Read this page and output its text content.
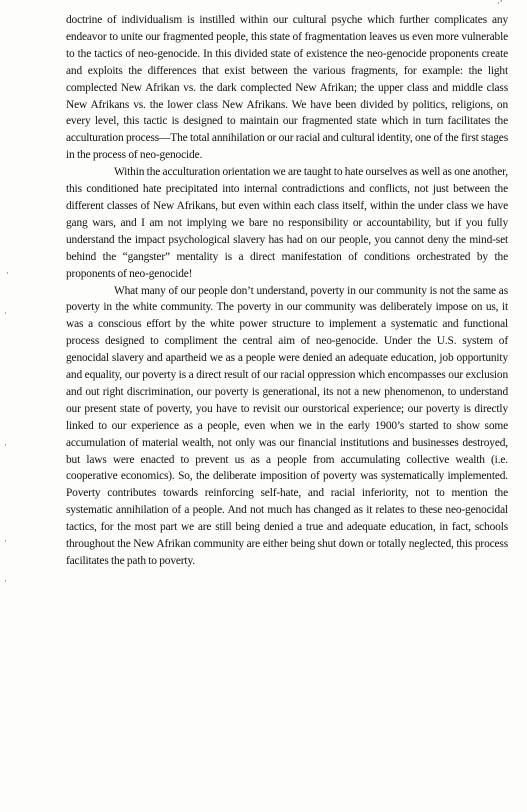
doctrine of individualism is instilled within our cultural psyche which further complicates any endeavor to unite our fragmented people, this state of fragmentation leaves us even more vulnerable to the tactics of neo-genocide. In this divided state of existence the neo-genocide proponents create and exploits the differences that exist between the various fragments, for example: the light complected New Afrikan vs. the dark complected New Afrikan; the upper class and middle class New Afrikans vs. the lower class New Afrikans. We have been divided by politics, religions, on every level, this tactic is designed to maintain our fragmented state which in turn facilitates the acculturation process—The total annihilation or our racial and cultural identity, one of the first stages in the process of neo-genocide.

Within the acculturation orientation we are taught to hate ourselves as well as one another, this conditioned hate precipitated into internal contradictions and conflicts, not just between the different classes of New Afrikans, but even within each class itself, within the under class we have gang wars, and I am not implying we bare no responsibility or accountability, but if you fully understand the impact psychological slavery has had on our people, you cannot deny the mind-set behind the “gangster” mentality is a direct manifestation of conditions orchestrated by the proponents of neo-genocide!

What many of our people don’t understand, poverty in our community is not the same as poverty in the white community. The poverty in our community was deliberately impose on us, it was a conscious effort by the white power structure to implement a systematic and functional process designed to compliment the central aim of neo-genocide. Under the U.S. system of genocidal slavery and apartheid we as a people were denied an adequate education, job opportunity and equality, our poverty is a direct result of our racial oppression which encompasses our exclusion and out right discrimination, our poverty is generational, its not a new phenomenon, to understand our present state of poverty, you have to revisit our ourstorical experience; our poverty is directly linked to our experience as a people, even when we in the early 1900’s started to show some accumulation of material wealth, not only was our financial institutions and businesses destroyed, but laws were enacted to prevent us as a people from accumulating collective wealth (i.e. cooperative economics). So, the deliberate imposition of poverty was systematically implemented. Poverty contributes towards reinforcing self-hate, and racial inferiority, not to mention the systematic annihilation of a people. And not much has changed as it relates to these neo-genocidal tactics, for the most part we are still being denied a true and adequate education, in fact, schools throughout the New Afrikan community are either being shut down or totally neglected, this process facilitates the path to poverty.

·'
·
·
·
·
·
